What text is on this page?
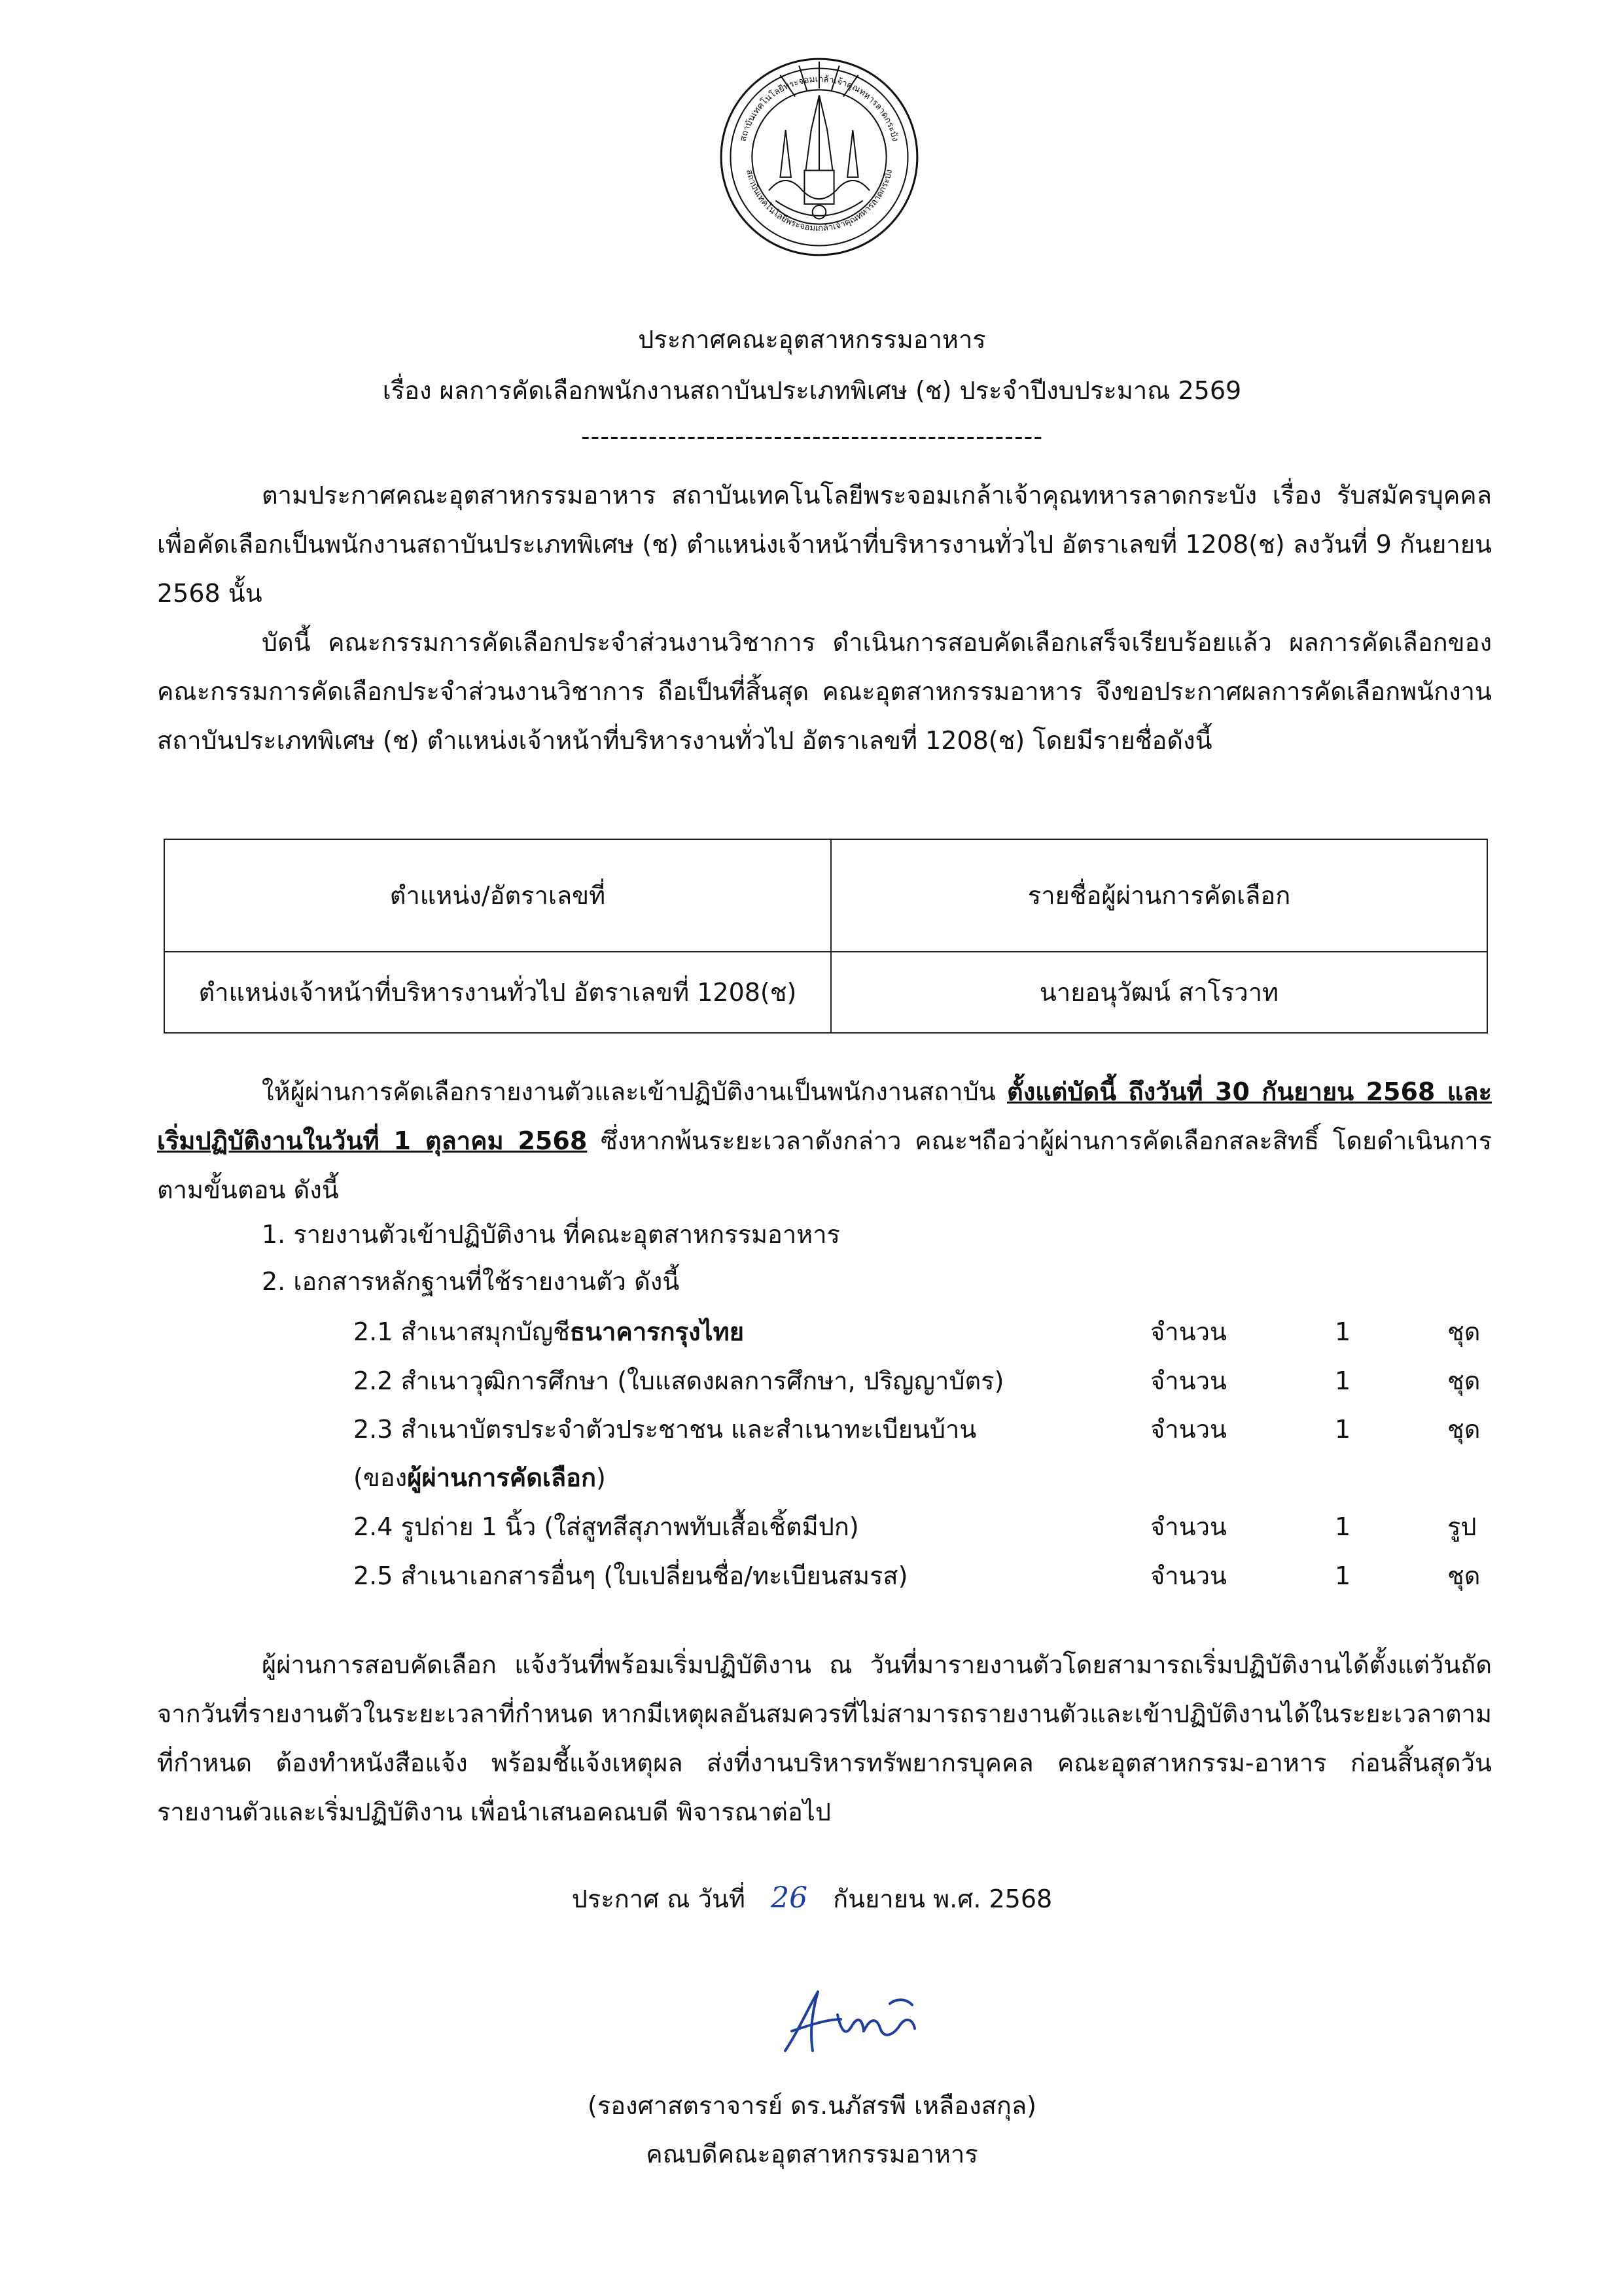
สถาบันเทคโนโลยีพระจอมเกล้าเจ้าคุณทหารลาดกระบัง
สถาบันเทคโนโลยีพระจอมเกล้าเจ้าคุณทหารลาดกระบัง
ประกาศคณะอุตสาหกรรมอาหาร
เรื่อง ผลการคัดเลือกพนักงานสถาบันประเภทพิเศษ (ช) ประจำปีงบประมาณ 2569
------------------------------------------------
ตามประกาศคณะอุตสาหกรรมอาหาร สถาบันเทคโนโลยีพระจอมเกล้าเจ้าคุณทหารลาดกระบัง เรื่อง รับสมัครบุคคลเพื่อคัดเลือกเป็นพนักงานสถาบันประเภทพิเศษ (ช) ตำแหน่งเจ้าหน้าที่บริหารงานทั่วไป อัตราเลขที่ 1208(ช) ลงวันที่ 9 กันยายน 2568 นั้น
บัดนี้ คณะกรรมการคัดเลือกประจำส่วนงานวิชาการ ดำเนินการสอบคัดเลือกเสร็จเรียบร้อยแล้ว ผลการคัดเลือกของคณะกรรมการคัดเลือกประจำส่วนงานวิชาการ ถือเป็นที่สิ้นสุด คณะอุตสาหกรรมอาหาร จึงขอประกาศผลการคัดเลือกพนักงานสถาบันประเภทพิเศษ (ช) ตำแหน่งเจ้าหน้าที่บริหารงานทั่วไป อัตราเลขที่ 1208(ช) โดยมีรายชื่อดังนี้
ตำแหน่ง/อัตราเลขที่	รายชื่อผู้ผ่านการคัดเลือก
ตำแหน่งเจ้าหน้าที่บริหารงานทั่วไป อัตราเลขที่ 1208(ช)	นายอนุวัฒน์ สาโรวาท
ให้ผู้ผ่านการคัดเลือกรายงานตัวและเข้าปฏิบัติงานเป็นพนักงานสถาบัน ตั้งแต่บัดนี้ ถึงวันที่ 30 กันยายน 2568 และเริ่มปฏิบัติงานในวันที่ 1 ตุลาคม 2568 ซึ่งหากพ้นระยะเวลาดังกล่าว คณะฯถือว่าผู้ผ่านการคัดเลือกสละสิทธิ์ โดยดำเนินการตามขั้นตอน ดังนี้
1. รายงานตัวเข้าปฏิบัติงาน ที่คณะอุตสาหกรรมอาหาร
2. เอกสารหลักฐานที่ใช้รายงานตัว ดังนี้
2.1 สำเนาสมุกบัญชีธนาคารกรุงไทย	จำนวน	1	ชุด
2.2 สำเนาวุฒิการศึกษา (ใบแสดงผลการศึกษา, ปริญญาบัตร)	จำนวน	1	ชุด
2.3 สำเนาบัตรประจำตัวประชาชน และสำเนาทะเบียนบ้าน	จำนวน	1	ชุด
(ของผู้ผ่านการคัดเลือก)
2.4 รูปถ่าย 1 นิ้ว (ใส่สูทสีสุภาพทับเสื้อเชิ้ตมีปก)	จำนวน	1	รูป
2.5 สำเนาเอกสารอื่นๆ (ใบเปลี่ยนชื่อ/ทะเบียนสมรส)	จำนวน	1	ชุด
ผู้ผ่านการสอบคัดเลือก แจ้งวันที่พร้อมเริ่มปฏิบัติงาน ณ วันที่มารายงานตัวโดยสามารถเริ่มปฏิบัติงานได้ตั้งแต่วันถัดจากวันที่รายงานตัวในระยะเวลาที่กำหนด หากมีเหตุผลอันสมควรที่ไม่สามารถรายงานตัวและเข้าปฏิบัติงานได้ในระยะเวลาตามที่กำหนด ต้องทำหนังสือแจ้ง พร้อมชี้แจ้งเหตุผล ส่งที่งานบริหารทรัพยากรบุคคล คณะอุตสาหกรรม-อาหาร ก่อนสิ้นสุดวันรายงานตัวและเริ่มปฏิบัติงาน เพื่อนำเสนอคณบดี พิจารณาต่อไป
ประกาศ ณ วันที่ 26 กันยายน พ.ศ. 2568
(รองศาสตราจารย์ ดร.นภัสรพี เหลืองสกุล)
คณบดีคณะอุตสาหกรรมอาหาร
